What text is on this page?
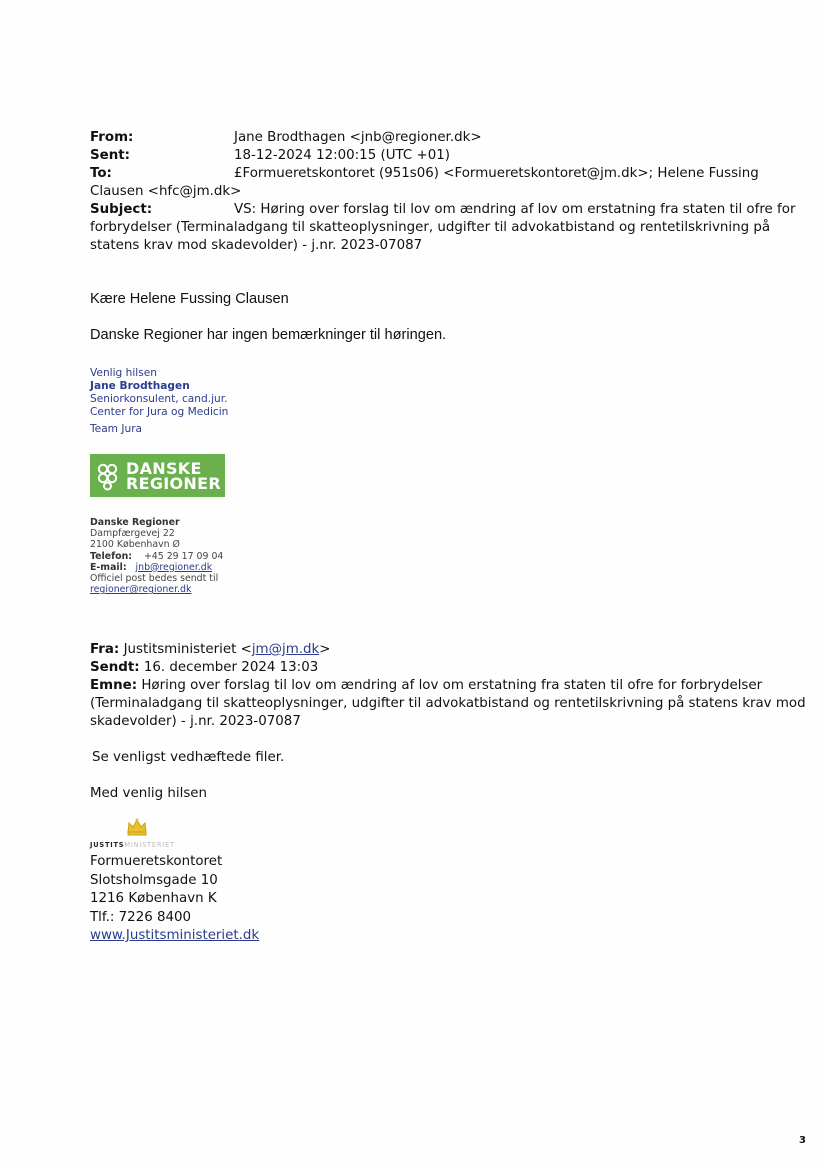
From:	Jane Brodthagen <jnb@regioner.dk>
Sent:	18-12-2024 12:00:15 (UTC +01)
To:	£Formueretskontoret (951s06) <Formueretskontoret@jm.dk>; Helene Fussing
Clausen <hfc@jm.dk>
Subject:	VS: Høring over forslag til lov om ændring af lov om erstatning fra staten til ofre for
forbrydelser (Terminaladgang til skatteoplysninger, udgifter til advokatbistand og rentetilskrivning på
statens krav mod skadevolder) - j.nr. 2023-07087
Kære Helene Fussing Clausen
Danske Regioner har ingen bemærkninger til høringen.
Venlig hilsen
Jane Brodthagen
Seniorkonsulent, cand.jur.
Center for Jura og Medicin
Team Jura
DANSKE
REGIONER
Danske Regioner
Dampfærgevej 22
2100 København Ø
Telefon: +45 29 17 09 04
E-mail: jnb@regioner.dk
Officiel post bedes sendt til
regioner@regioner.dk
Fra: Justitsministeriet <jm@jm.dk>
Sendt: 16. december 2024 13:03
Emne: Høring over forslag til lov om ændring af lov om erstatning fra staten til ofre for forbrydelser
(Terminaladgang til skatteoplysninger, udgifter til advokatbistand og rentetilskrivning på statens krav mod
skadevolder) - j.nr. 2023-07087
Se venligst vedhæftede filer.
Med venlig hilsen
JUSTITSMINISTERIET
Formueretskontoret
Slotsholmsgade 10
1216 København K
Tlf.: 7226 8400
www.Justitsministeriet.dk
3
